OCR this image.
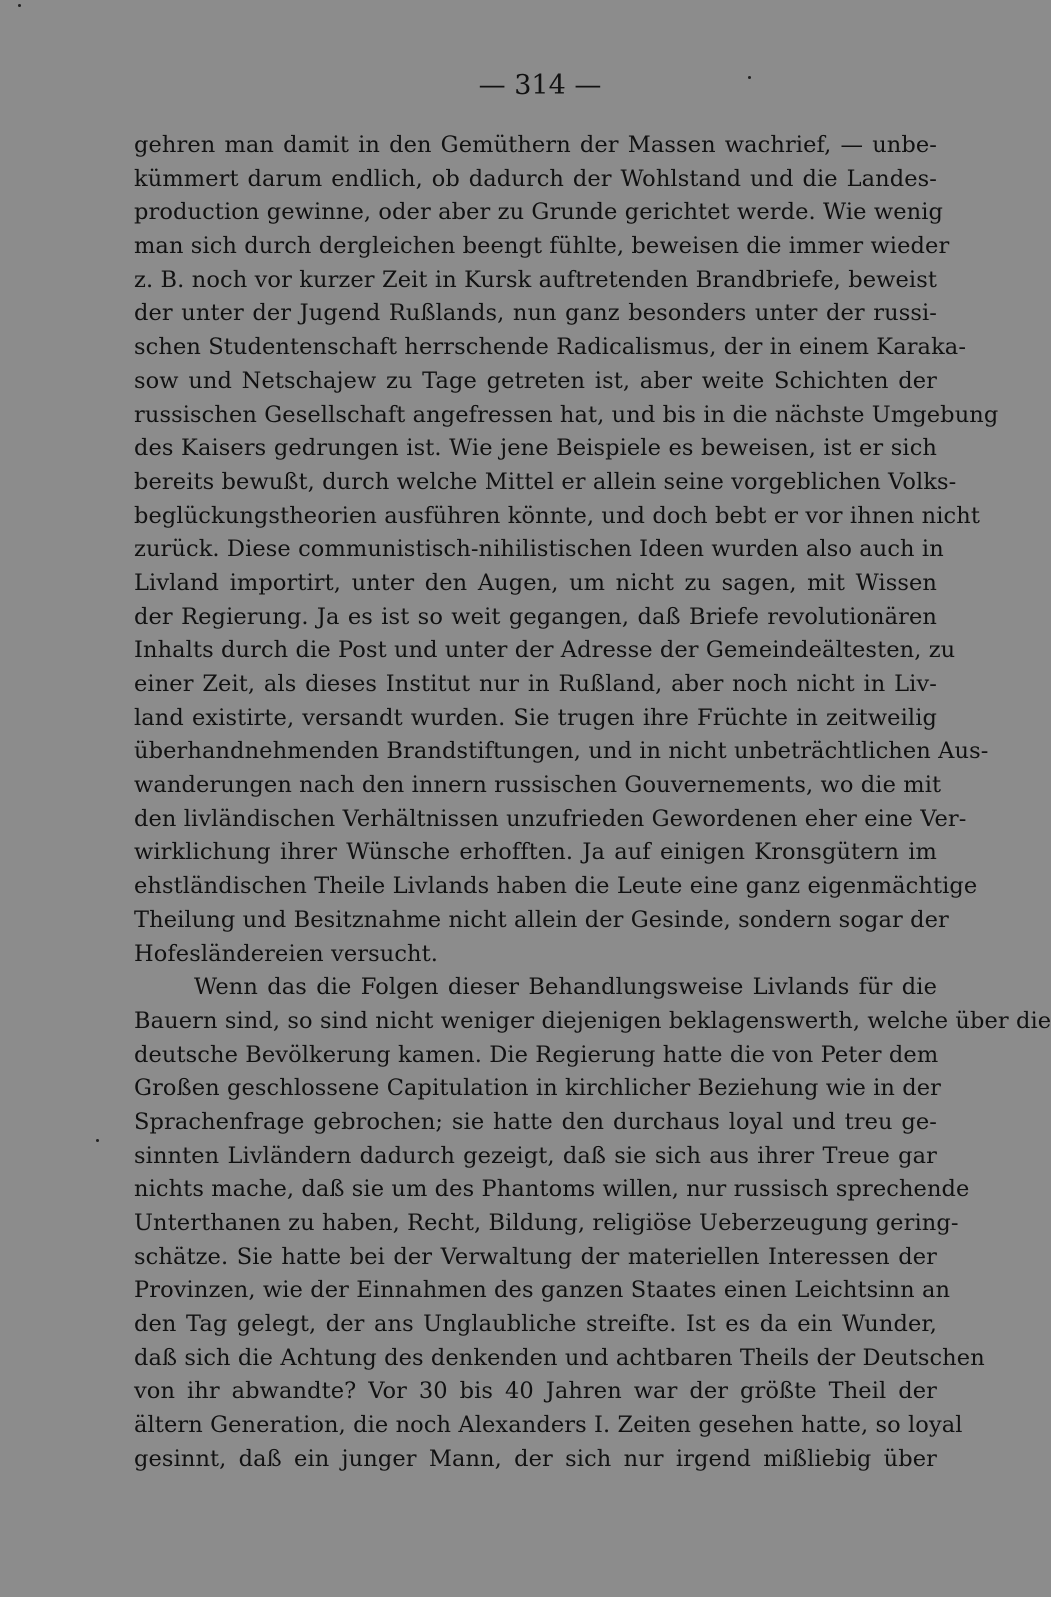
— 314 —
gehren man damit in den Gemüthern der Massen wachrief, — unbe-
kümmert darum endlich, ob dadurch der Wohlstand und die Landes-
production gewinne, oder aber zu Grunde gerichtet werde. Wie wenig
man sich durch dergleichen beengt fühlte, beweisen die immer wieder
z. B. noch vor kurzer Zeit in Kursk auftretenden Brandbriefe, beweist
der unter der Jugend Rußlands, nun ganz besonders unter der russi-
schen Studentenschaft herrschende Radicalismus, der in einem Karaka-
sow und Netschajew zu Tage getreten ist, aber weite Schichten der
russischen Gesellschaft angefressen hat, und bis in die nächste Umgebung
des Kaisers gedrungen ist. Wie jene Beispiele es beweisen, ist er sich
bereits bewußt, durch welche Mittel er allein seine vorgeblichen Volks-
beglückungstheorien ausführen könnte, und doch bebt er vor ihnen nicht
zurück. Diese communistisch-nihilistischen Ideen wurden also auch in
Livland importirt, unter den Augen, um nicht zu sagen, mit Wissen
der Regierung. Ja es ist so weit gegangen, daß Briefe revolutionären
Inhalts durch die Post und unter der Adresse der Gemeindeältesten, zu
einer Zeit, als dieses Institut nur in Rußland, aber noch nicht in Liv-
land existirte, versandt wurden. Sie trugen ihre Früchte in zeitweilig
überhandnehmenden Brandstiftungen, und in nicht unbeträchtlichen Aus-
wanderungen nach den innern russischen Gouvernements, wo die mit
den livländischen Verhältnissen unzufrieden Gewordenen eher eine Ver-
wirklichung ihrer Wünsche erhofften. Ja auf einigen Kronsgütern im
ehstländischen Theile Livlands haben die Leute eine ganz eigenmächtige
Theilung und Besitznahme nicht allein der Gesinde, sondern sogar der
Hofesländereien versucht.
Wenn das die Folgen dieser Behandlungsweise Livlands für die
Bauern sind, so sind nicht weniger diejenigen beklagenswerth, welche über die
deutsche Bevölkerung kamen. Die Regierung hatte die von Peter dem
Großen geschlossene Capitulation in kirchlicher Beziehung wie in der
Sprachenfrage gebrochen; sie hatte den durchaus loyal und treu ge-
sinnten Livländern dadurch gezeigt, daß sie sich aus ihrer Treue gar
nichts mache, daß sie um des Phantoms willen, nur russisch sprechende
Unterthanen zu haben, Recht, Bildung, religiöse Ueberzeugung gering-
schätze. Sie hatte bei der Verwaltung der materiellen Interessen der
Provinzen, wie der Einnahmen des ganzen Staates einen Leichtsinn an
den Tag gelegt, der ans Unglaubliche streifte. Ist es da ein Wunder,
daß sich die Achtung des denkenden und achtbaren Theils der Deutschen
von ihr abwandte? Vor 30 bis 40 Jahren war der größte Theil der
ältern Generation, die noch Alexanders I. Zeiten gesehen hatte, so loyal
gesinnt, daß ein junger Mann, der sich nur irgend mißliebig über
